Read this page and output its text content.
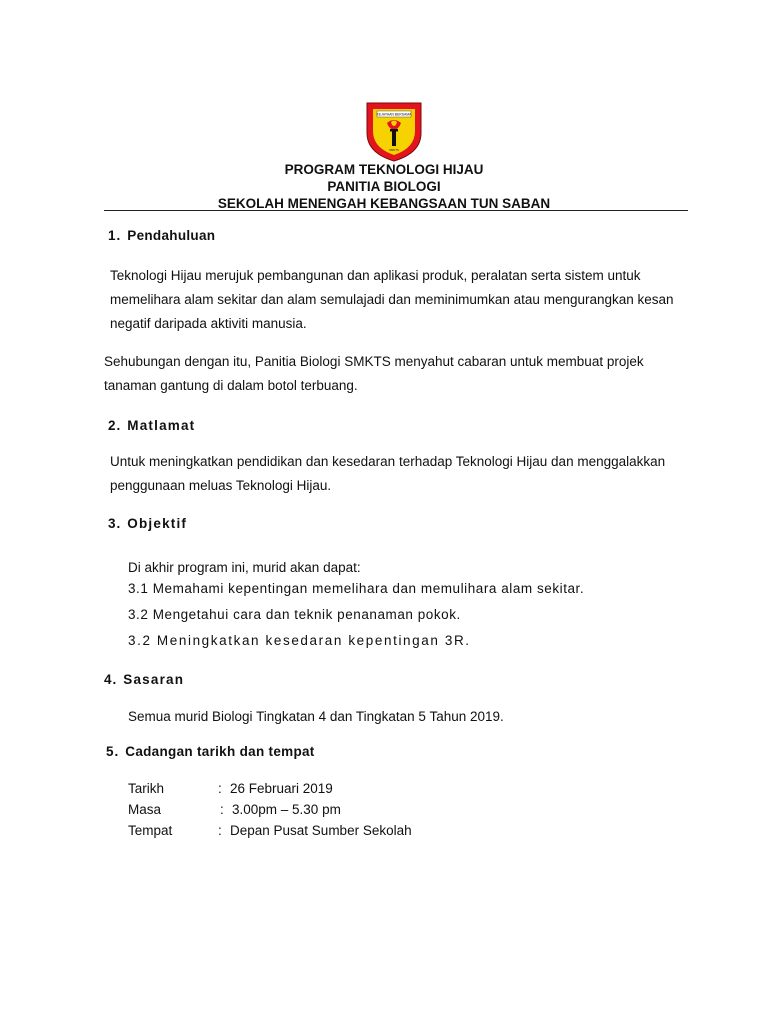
KEJAYAAN BERSAMA
SMKTS
PROGRAM TEKNOLOGI HIJAU
PANITIA BIOLOGI
SEKOLAH MENENGAH KEBANGSAAN TUN SABAN
1. Pendahuluan
Teknologi Hijau merujuk pembangunan dan aplikasi produk, peralatan serta sistem untuk memelihara alam sekitar dan alam semulajadi dan meminimumkan atau mengurangkan kesan negatif daripada aktiviti manusia.
Sehubungan dengan itu, Panitia Biologi SMKTS menyahut cabaran untuk membuat projek tanaman gantung di dalam botol terbuang.
2. Matlamat
Untuk meningkatkan pendidikan dan kesedaran terhadap Teknologi Hijau dan menggalakkan penggunaan meluas Teknologi Hijau.
3. Objektif
Di akhir program ini, murid akan dapat:
3.1 Memahami kepentingan memelihara dan memulihara alam sekitar.
3.2 Mengetahui cara dan teknik penanaman pokok.
3.2 Meningkatkan kesedaran kepentingan 3R.
4. Sasaran
Semua murid Biologi Tingkatan 4 dan Tingkatan 5 Tahun 2019.
5. Cadangan tarikh dan tempat
Tarikh	: 26 Februari 2019
Masa	: 3.00pm – 5.30 pm
Tempat	: Depan Pusat Sumber Sekolah
